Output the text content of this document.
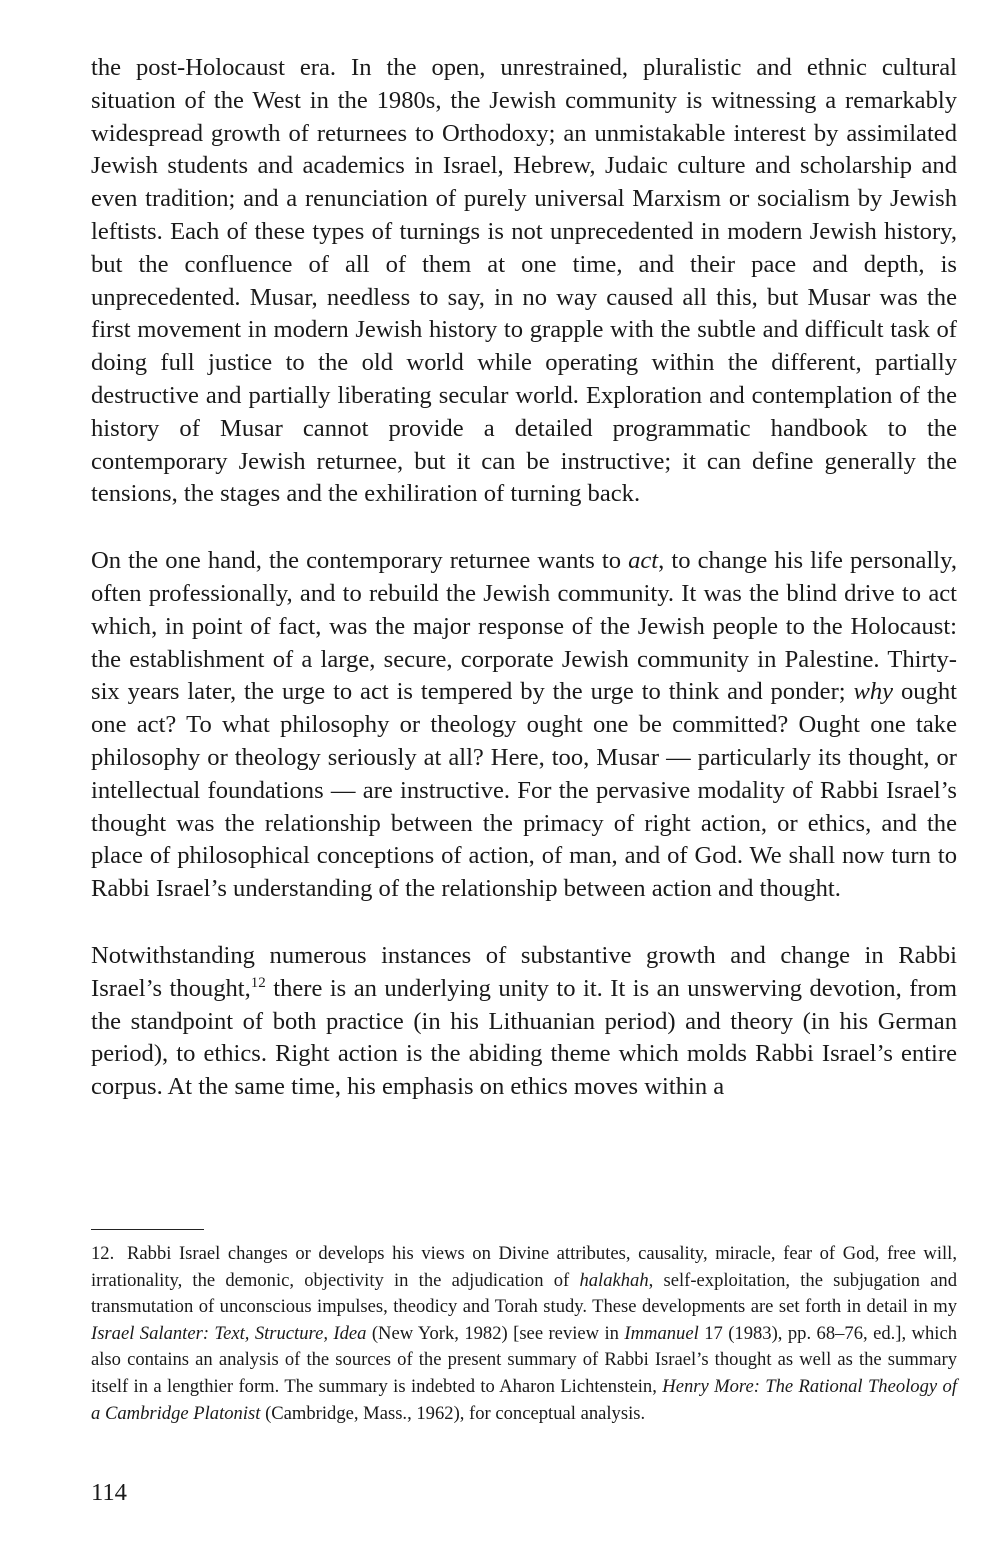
the post-Holocaust era. In the open, unrestrained, pluralistic and ethnic cultural situation of the West in the 1980s, the Jewish community is witnessing a remarkably widespread growth of returnees to Orthodoxy; an unmistakable interest by assimilated Jewish students and academics in Israel, Hebrew, Judaic culture and scholarship and even tradition; and a renunciation of purely universal Marxism or socialism by Jewish leftists. Each of these types of turnings is not unprecedented in modern Jewish history, but the confluence of all of them at one time, and their pace and depth, is unprecedented. Musar, needless to say, in no way caused all this, but Musar was the first movement in modern Jewish history to grapple with the subtle and difficult task of doing full justice to the old world while operating within the different, partially destructive and partially liberating secular world. Exploration and contemplation of the history of Musar cannot provide a detailed programmatic handbook to the contemporary Jewish returnee, but it can be instructive; it can define generally the tensions, the stages and the exhiliration of turning back.

On the one hand, the contemporary returnee wants to act, to change his life personally, often professionally, and to rebuild the Jewish community. It was the blind drive to act which, in point of fact, was the major response of the Jewish people to the Holocaust: the establishment of a large, secure, corporate Jewish community in Palestine. Thirty-six years later, the urge to act is tempered by the urge to think and ponder; why ought one act? To what philosophy or theology ought one be committed? Ought one take philosophy or theology seriously at all? Here, too, Musar — particularly its thought, or intellectual foundations — are instructive. For the pervasive modality of Rabbi Israel’s thought was the relationship between the primacy of right action, or ethics, and the place of philosophical conceptions of action, of man, and of God. We shall now turn to Rabbi Israel’s understanding of the relationship between action and thought.

Notwithstanding numerous instances of substantive growth and change in Rabbi Israel’s thought,$^{12}$ there is an underlying unity to it. It is an unswerving devotion, from the standpoint of both practice (in his Lithuanian period) and theory (in his German period), to ethics. Right action is the abiding theme which molds Rabbi Israel’s entire corpus. At the same time, his emphasis on ethics moves within a

12. Rabbi Israel changes or develops his views on Divine attributes, causality, miracle, fear of God, free will, irrationality, the demonic, objectivity in the adjudication of halakhah, self-exploitation, the subjugation and transmutation of unconscious impulses, theodicy and Torah study. These developments are set forth in detail in my Israel Salanter: Text, Structure, Idea (New York, 1982) [see review in Immanuel 17 (1983), pp. 68–76, ed.], which also contains an analysis of the sources of the present summary of Rabbi Israel’s thought as well as the summary itself in a lengthier form. The summary is indebted to Aharon Lichtenstein, Henry More: The Rational Theology of a Cambridge Platonist (Cambridge, Mass., 1962), for conceptual analysis.

114
